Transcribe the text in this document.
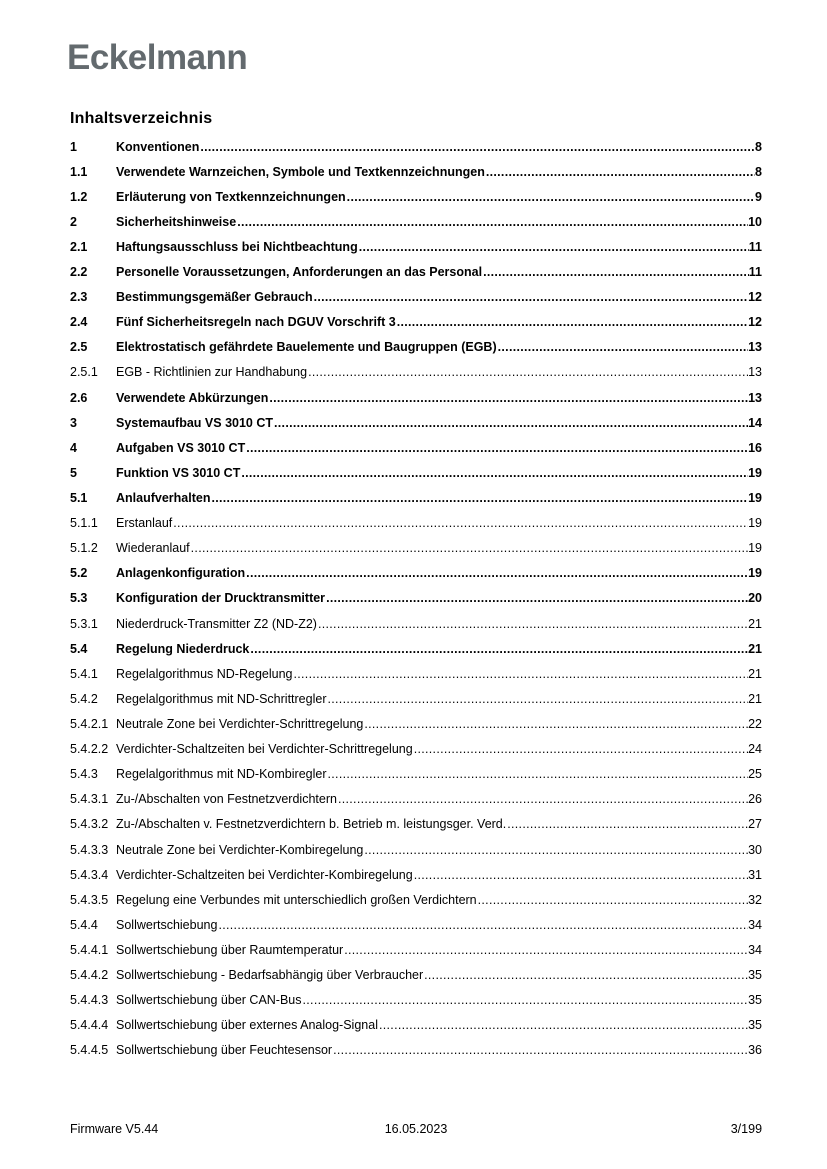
Eckelmann
Inhaltsverzeichnis
1	Konventionen .....	8
1.1	Verwendete Warnzeichen, Symbole und Textkennzeichnungen .....	8
1.2	Erläuterung von Textkennzeichnungen .....	9
2	Sicherheitshinweise .....	10
2.1	Haftungsausschluss bei Nichtbeachtung .....	11
2.2	Personelle Voraussetzungen, Anforderungen an das Personal .....	11
2.3	Bestimmungsgemäßer Gebrauch .....	12
2.4	Fünf Sicherheitsregeln nach DGUV Vorschrift 3 .....	12
2.5	Elektrostatisch gefährdete Bauelemente und Baugruppen (EGB) .....	13
2.5.1	EGB - Richtlinien zur Handhabung .....	13
2.6	Verwendete Abkürzungen .....	13
3	Systemaufbau VS 3010 CT .....	14
4	Aufgaben VS 3010 CT .....	16
5	Funktion VS 3010 CT .....	19
5.1	Anlaufverhalten .....	19
5.1.1	Erstanlauf .....	19
5.1.2	Wiederanlauf .....	19
5.2	Anlagenkonfiguration .....	19
5.3	Konfiguration der Drucktransmitter .....	20
5.3.1	Niederdruck-Transmitter Z2 (ND-Z2) .....	21
5.4	Regelung Niederdruck .....	21
5.4.1	Regelalgorithmus ND-Regelung .....	21
5.4.2	Regelalgorithmus mit ND-Schrittregler .....	21
5.4.2.1 Neutrale Zone bei Verdichter-Schrittregelung .....	22
5.4.2.2 Verdichter-Schaltzeiten bei Verdichter-Schrittregelung .....	24
5.4.3	Regelalgorithmus mit ND-Kombiregler .....	25
5.4.3.1 Zu-/Abschalten von Festnetzverdichtern .....	26
5.4.3.2 Zu-/Abschalten v. Festnetzverdichtern b. Betrieb m. leistungsger. Verd. .....	27
5.4.3.3 Neutrale Zone bei Verdichter-Kombiregelung .....	30
5.4.3.4 Verdichter-Schaltzeiten bei Verdichter-Kombiregelung .....	31
5.4.3.5 Regelung eine Verbundes mit unterschiedlich großen Verdichtern .....	32
5.4.4	Sollwertschiebung .....	34
5.4.4.1 Sollwertschiebung über Raumtemperatur .....	34
5.4.4.2 Sollwertschiebung - Bedarfsabhängig über Verbraucher .....	35
5.4.4.3 Sollwertschiebung über CAN-Bus .....	35
5.4.4.4 Sollwertschiebung über externes Analog-Signal .....	35
5.4.4.5 Sollwertschiebung über Feuchtesensor .....	36
Firmware V5.44	16.05.2023	3/199
